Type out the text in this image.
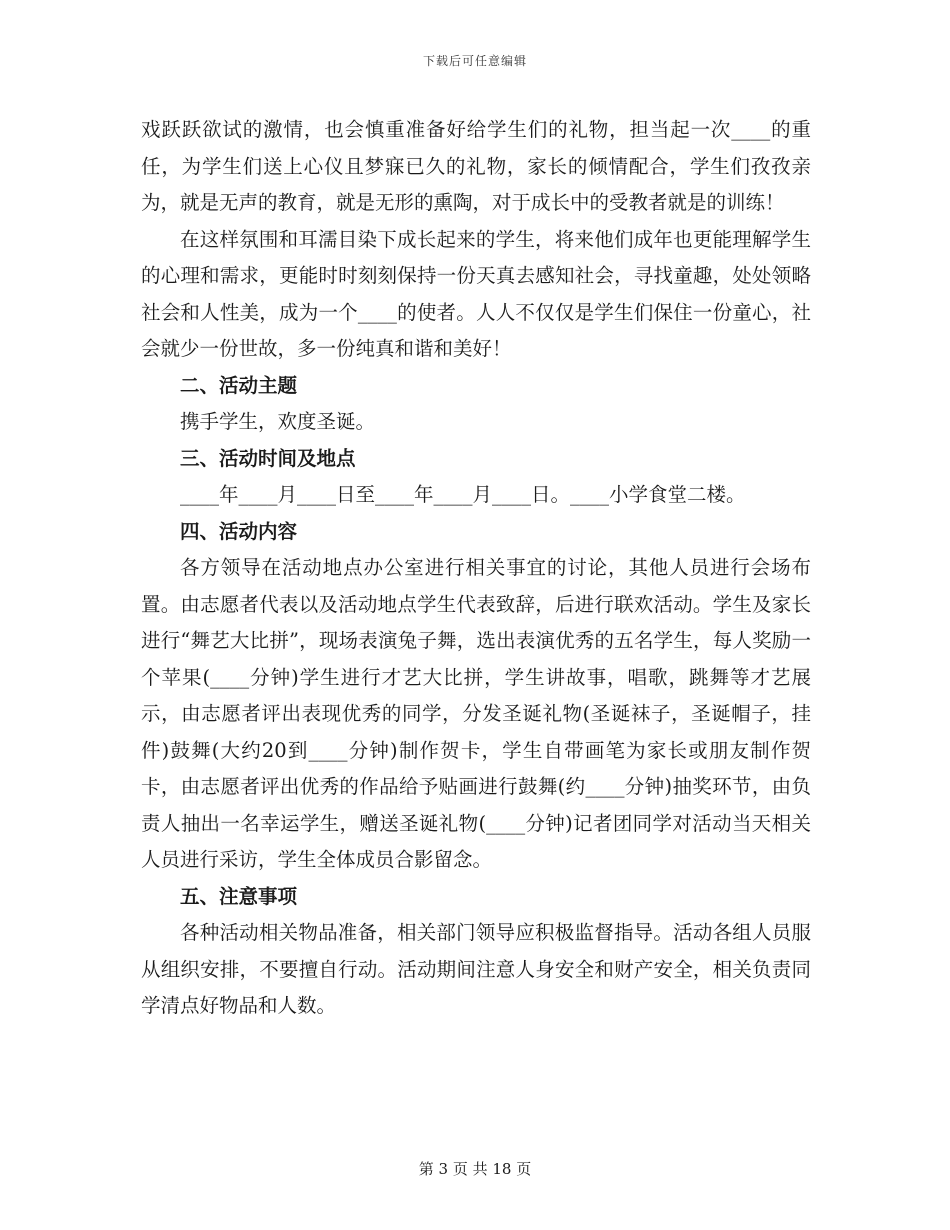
下载后可任意编辑

戏跃跃欲试的激情，也会慎重准备好给学生们的礼物，担当起一次____的重任，为学生们送上心仪且梦寐已久的礼物，家长的倾情配合，学生们孜孜亲为，就是无声的教育，就是无形的熏陶，对于成长中的受教者就是的训练！

在这样氛围和耳濡目染下成长起来的学生，将来他们成年也更能理解学生的心理和需求，更能时时刻刻保持一份天真去感知社会，寻找童趣，处处领略社会和人性美，成为一个____的使者。人人不仅仅是学生们保住一份童心，社会就少一份世故，多一份纯真和谐和美好！

二、活动主题

携手学生，欢度圣诞。

三、活动时间及地点

____年____月____日至____年____月____日。____小学食堂二楼。

四、活动内容

各方领导在活动地点办公室进行相关事宜的讨论，其他人员进行会场布置。由志愿者代表以及活动地点学生代表致辞，后进行联欢活动。学生及家长进行“舞艺大比拼”，现场表演兔子舞，选出表演优秀的五名学生，每人奖励一个苹果(____分钟)学生进行才艺大比拼，学生讲故事，唱歌，跳舞等才艺展示，由志愿者评出表现优秀的同学，分发圣诞礼物(圣诞袜子，圣诞帽子，挂件)鼓舞(大约20到____分钟)制作贺卡，学生自带画笔为家长或朋友制作贺卡，由志愿者评出优秀的作品给予贴画进行鼓舞(约____分钟)抽奖环节，由负责人抽出一名幸运学生，赠送圣诞礼物(____分钟)记者团同学对活动当天相关人员进行采访，学生全体成员合影留念。

五、注意事项

各种活动相关物品准备，相关部门领导应积极监督指导。活动各组人员服从组织安排，不要擅自行动。活动期间注意人身安全和财产安全，相关负责同学清点好物品和人数。

第 3 页 共 18 页
